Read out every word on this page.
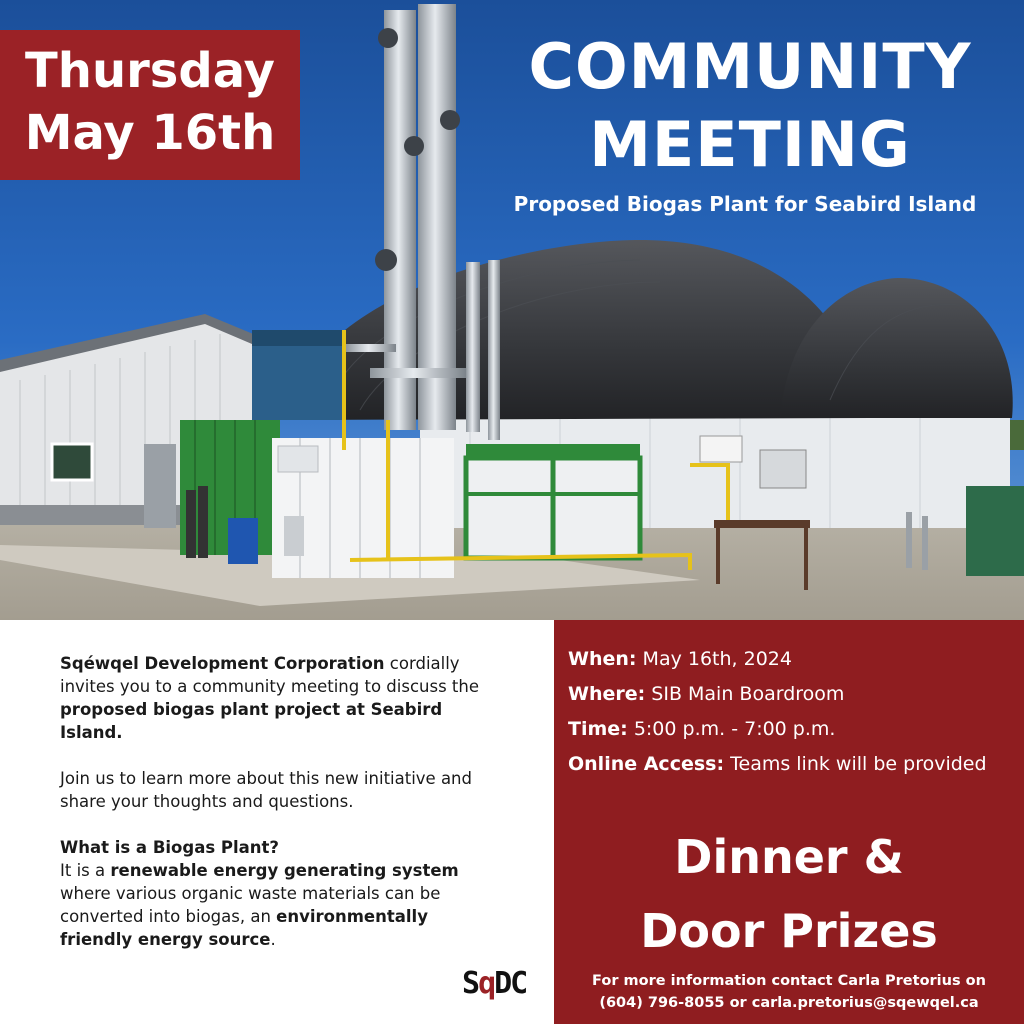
Thursday
May 16th
COMMUNITY
MEETING
Proposed Biogas Plant for Seabird Island

Sqéwqel Development Corporation cordially invites you to a community meeting to discuss the proposed biogas plant project at Seabird Island.

Join us to learn more about this new initiative and share your thoughts and questions.

What is a Biogas Plant?
It is a renewable energy generating system where various organic waste materials can be converted into biogas, an environmentally friendly energy source.

SqDC
When: May 16th, 2024
Where: SIB Main Boardroom
Time: 5:00 p.m. - 7:00 p.m.
Online Access: Teams link will be provided
Dinner &
Door Prizes
For more information contact Carla Pretorius on
(604) 796-8055 or carla.pretorius@sqewqel.ca
